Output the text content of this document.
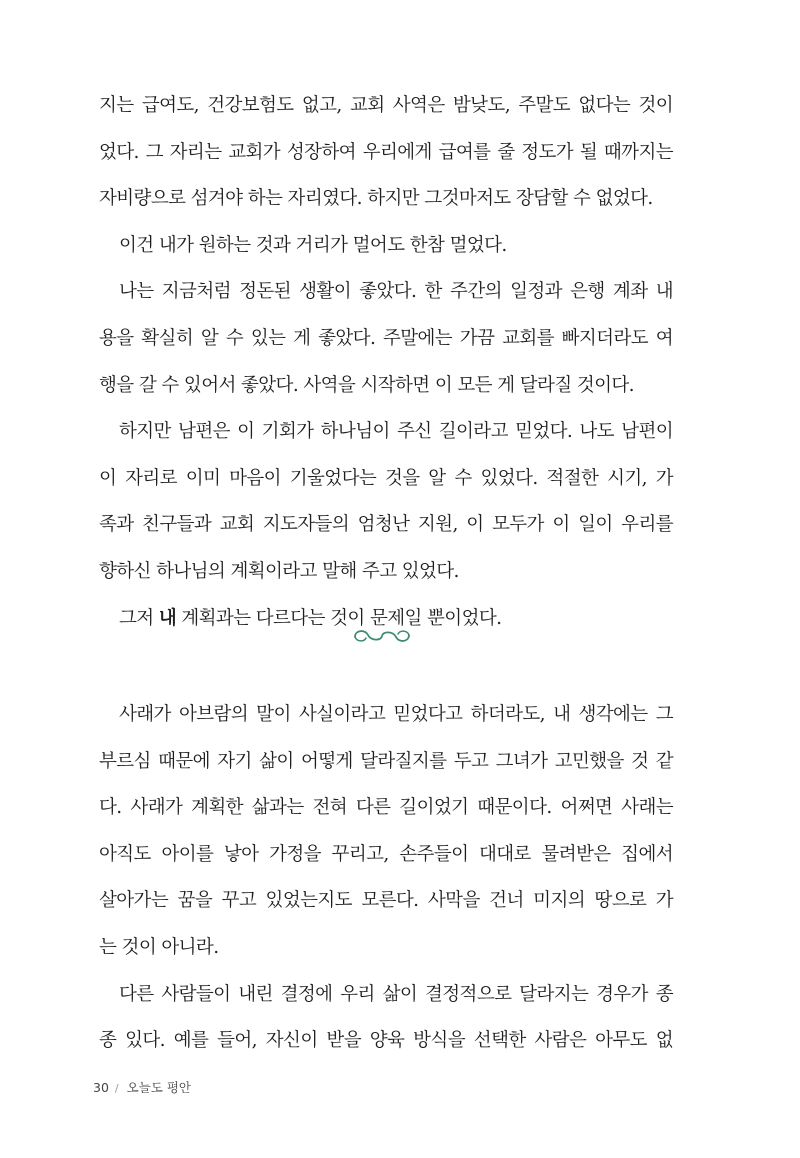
지는 급여도, 건강보험도 없고, 교회 사역은 밤낮도, 주말도 없다는 것이
었다. 그 자리는 교회가 성장하여 우리에게 급여를 줄 정도가 될 때까지는
자비량으로 섬겨야 하는 자리였다. 하지만 그것마저도 장담할 수 없었다.
이건 내가 원하는 것과 거리가 멀어도 한참 멀었다.
나는 지금처럼 정돈된 생활이 좋았다. 한 주간의 일정과 은행 계좌 내
용을 확실히 알 수 있는 게 좋았다. 주말에는 가끔 교회를 빠지더라도 여
행을 갈 수 있어서 좋았다. 사역을 시작하면 이 모든 게 달라질 것이다.
하지만 남편은 이 기회가 하나님이 주신 길이라고 믿었다. 나도 남편이
이 자리로 이미 마음이 기울었다는 것을 알 수 있었다. 적절한 시기, 가
족과 친구들과 교회 지도자들의 엄청난 지원, 이 모두가 이 일이 우리를
향하신 하나님의 계획이라고 말해 주고 있었다.
그저 내 계획과는 다르다는 것이 문제일 뿐이었다.
사래가 아브람의 말이 사실이라고 믿었다고 하더라도, 내 생각에는 그
부르심 때문에 자기 삶이 어떻게 달라질지를 두고 그녀가 고민했을 것 같
다. 사래가 계획한 삶과는 전혀 다른 길이었기 때문이다. 어쩌면 사래는
아직도 아이를 낳아 가정을 꾸리고, 손주들이 대대로 물려받은 집에서
살아가는 꿈을 꾸고 있었는지도 모른다. 사막을 건너 미지의 땅으로 가
는 것이 아니라.
다른 사람들이 내린 결정에 우리 삶이 결정적으로 달라지는 경우가 종
종 있다. 예를 들어, 자신이 받을 양육 방식을 선택한 사람은 아무도 없
30 / 오늘도 평안
